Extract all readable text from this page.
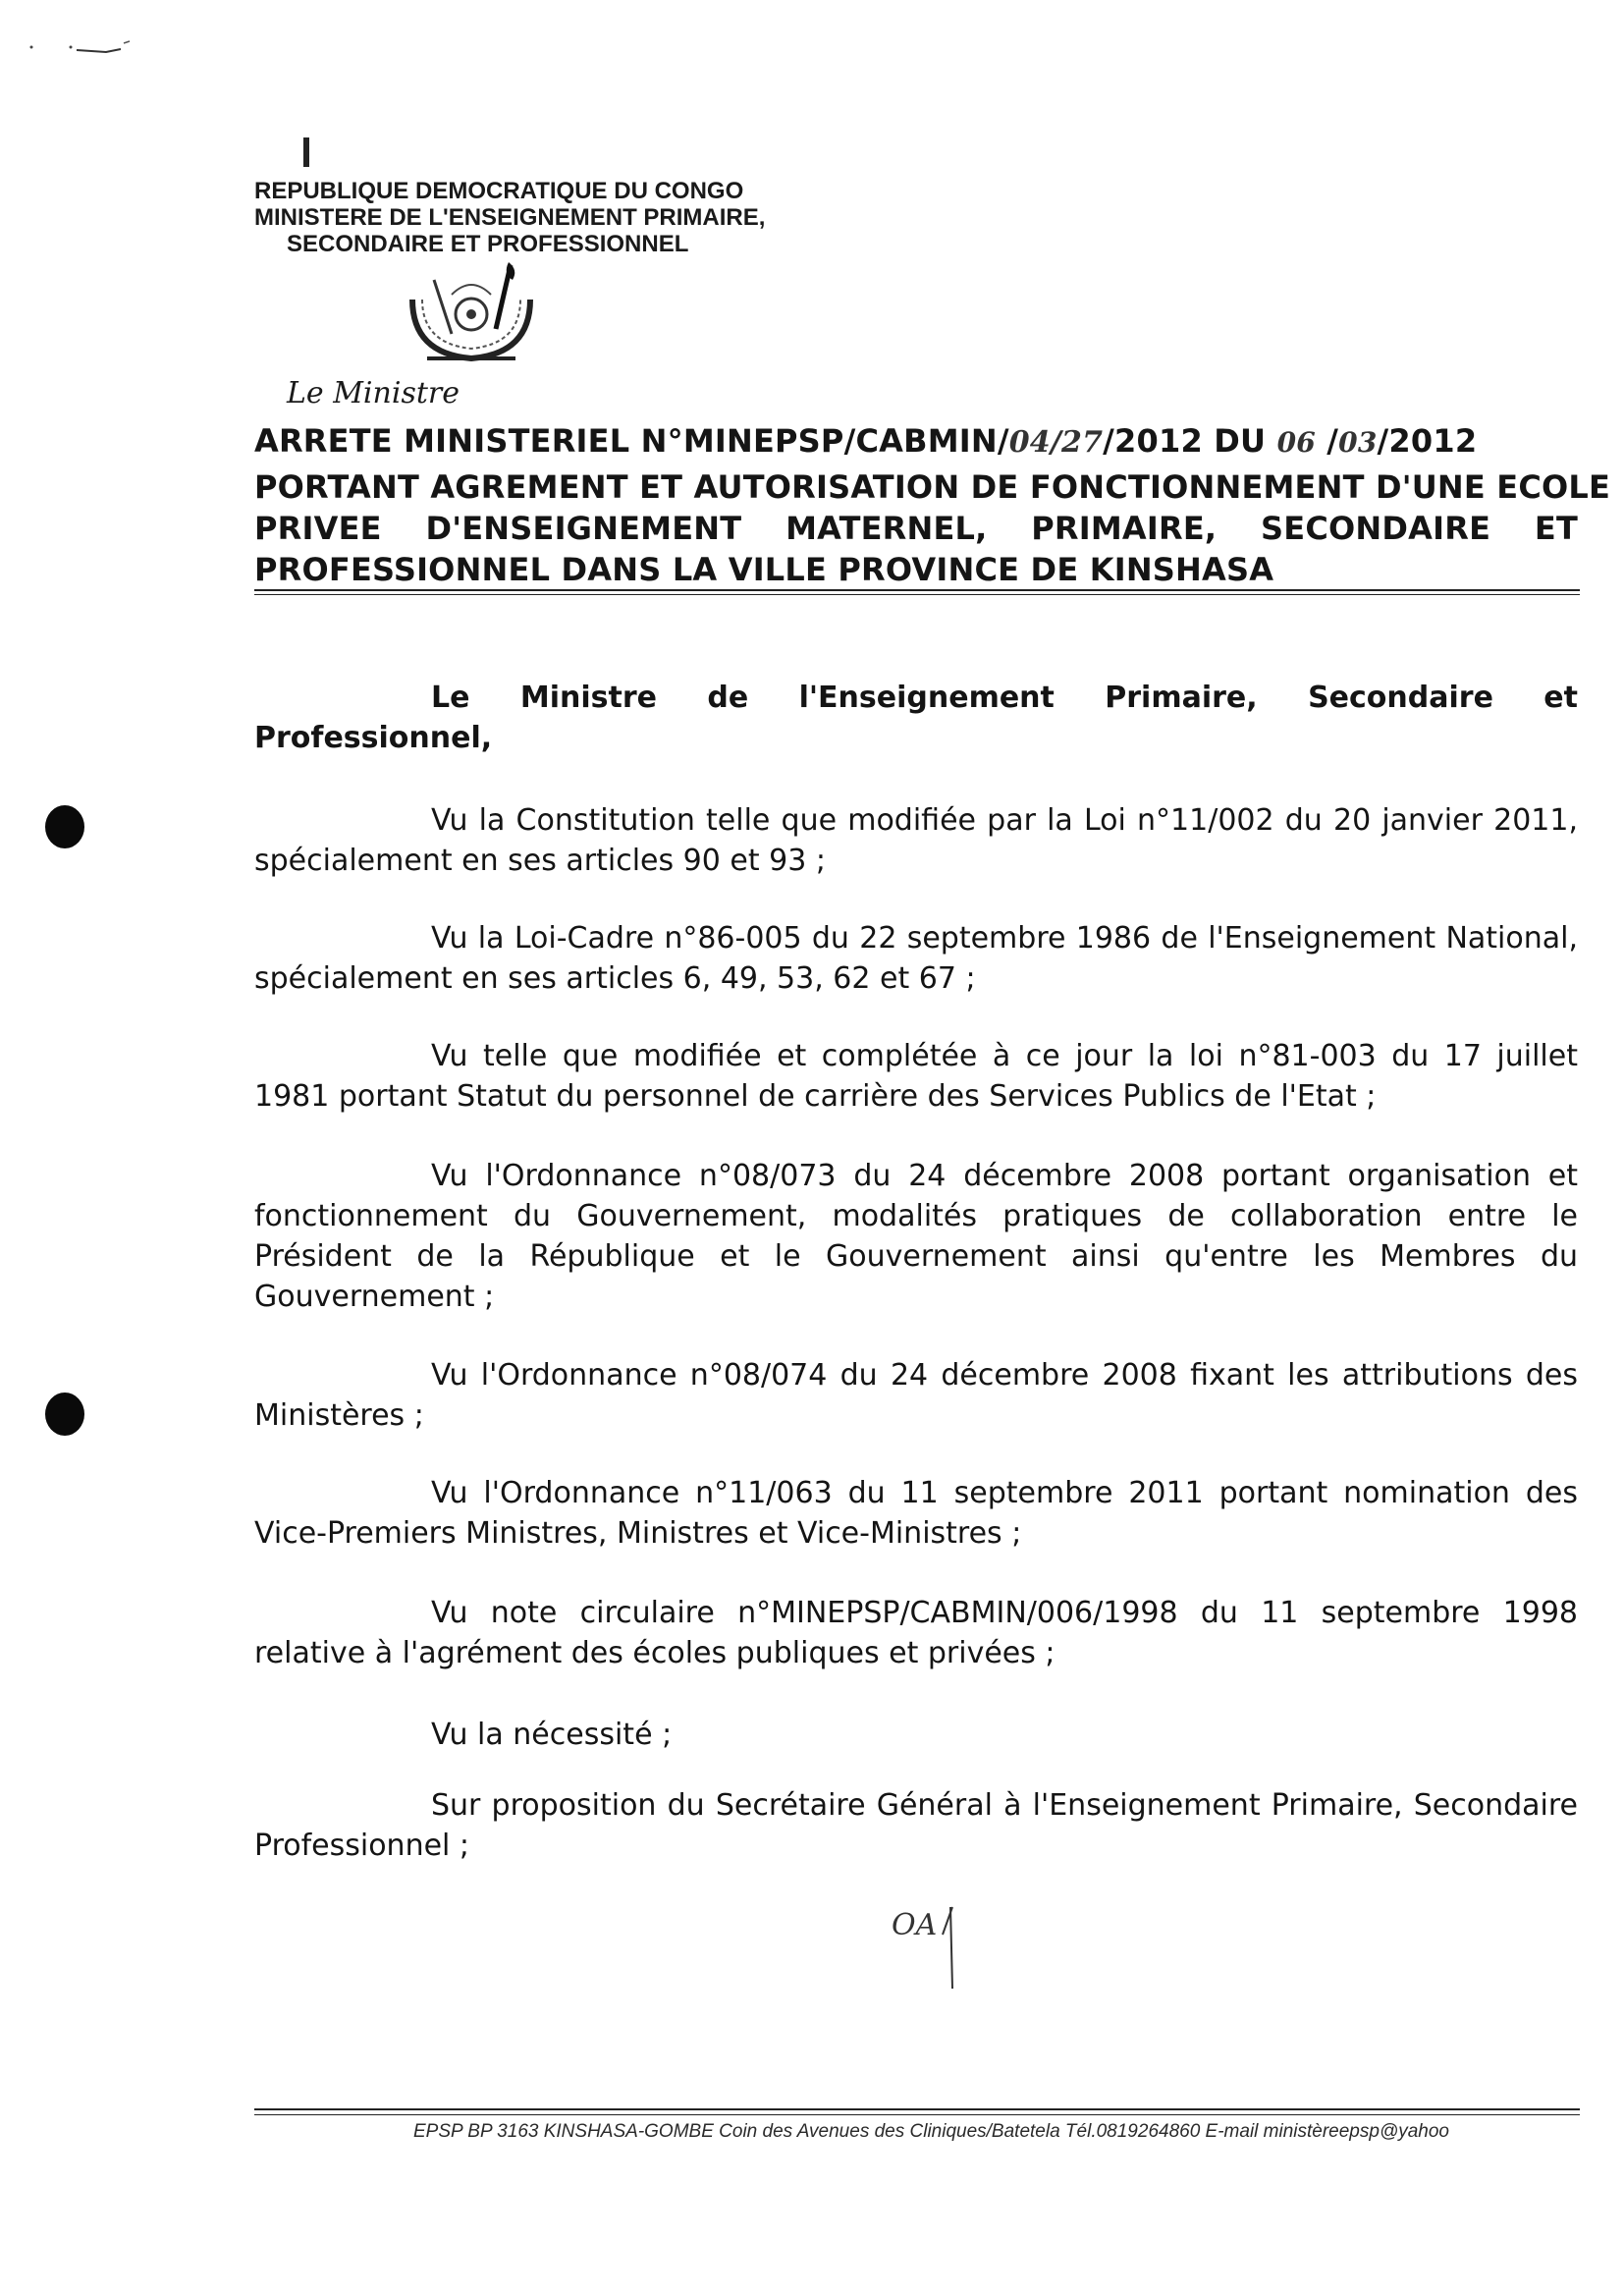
REPUBLIQUE DEMOCRATIQUE DU CONGO
MINISTERE DE L'ENSEIGNEMENT PRIMAIRE,
SECONDAIRE ET PROFESSIONNEL
Le Ministre
ARRETE MINISTERIEL N°MINEPSP/CABMIN/04/27/2012 DU 06 /03/2012
PORTANT AGREMENT ET AUTORISATION DE FONCTIONNEMENT D'UNE ECOLE
PRIVEE D'ENSEIGNEMENT MATERNEL, PRIMAIRE, SECONDAIRE ET
PROFESSIONNEL DANS LA VILLE PROVINCE DE KINSHASA
Le Ministre de l'Enseignement Primaire, Secondaire et Professionnel,
Vu la Constitution telle que modifiée par la Loi n°11/002 du 20 janvier 2011, spécialement en ses articles 90 et 93 ;
Vu la Loi-Cadre n°86-005 du 22 septembre 1986 de l'Enseignement National, spécialement en ses articles 6, 49, 53, 62 et 67 ;
Vu telle que modifiée et complétée à ce jour la loi n°81-003 du 17 juillet 1981 portant Statut du personnel de carrière des Services Publics de l'Etat ;
Vu l'Ordonnance n°08/073 du 24 décembre 2008 portant organisation et fonctionnement du Gouvernement, modalités pratiques de collaboration entre le Président de la République et le Gouvernement ainsi qu'entre les Membres du Gouvernement ;
Vu l'Ordonnance n°08/074 du 24 décembre 2008 fixant les attributions des Ministères ;
Vu l'Ordonnance n°11/063 du 11 septembre 2011 portant nomination des Vice-Premiers Ministres, Ministres et Vice-Ministres ;
Vu note circulaire n°MINEPSP/CABMIN/006/1998 du 11 septembre 1998 relative à l'agrément des écoles publiques et privées ;
Vu la nécessité ;
Sur proposition du Secrétaire Général à l'Enseignement Primaire, Secondaire Professionnel ;
OA
EPSP BP 3163 KINSHASA-GOMBE Coin des Avenues des Cliniques/Batetela Tél.0819264860 E-mail ministèreepsp@yahoo
